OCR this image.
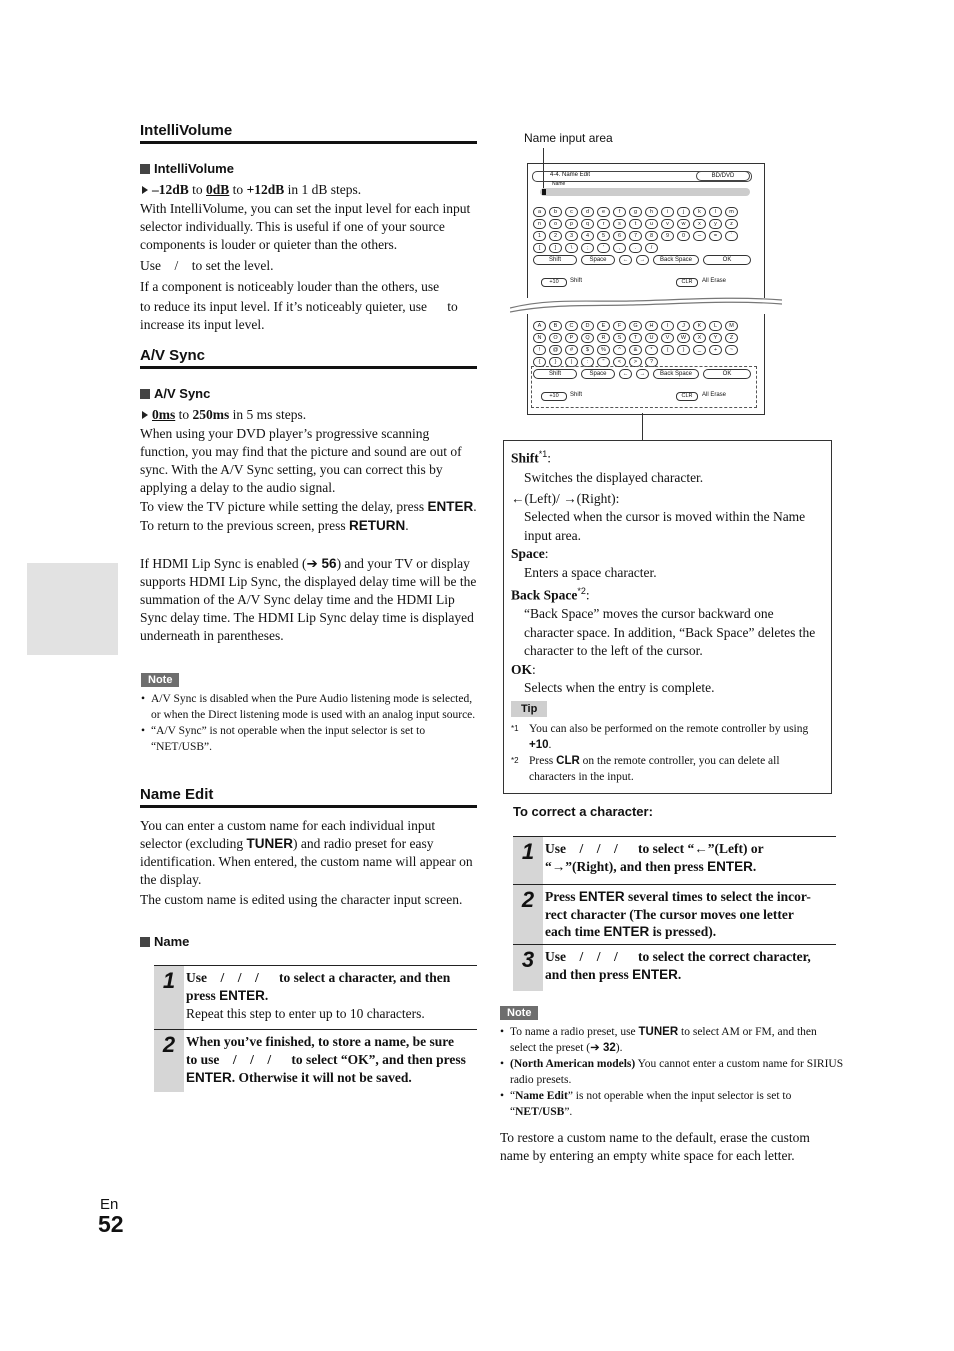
IntelliVolume
IntelliVolume

–12dB to 0dB to +12dB in 1 dB steps.

With IntelliVolume, you can set the input level for each input selector individually. This is useful if one of your source components is louder or quieter than the others.

Use    /    to set the level.

If a component is noticeably louder than the others, use

to reduce its input level. If it’s noticeably quieter, use      to

increase its input level.

A/V Sync
A/V Sync

0ms to 250ms in 5 ms steps.

When using your DVD player’s progressive scanning function, you may find that the picture and sound are out of sync. With the A/V Sync setting, you can correct this by applying a delay to the audio signal.

To view the TV picture while setting the delay, press ENTER.

To return to the previous screen, press RETURN.

If HDMI Lip Sync is enabled (➔ 56) and your TV or display supports HDMI Lip Sync, the displayed delay time will be the summation of the A/V Sync delay time and the HDMI Lip Sync delay time. The HDMI Lip Sync delay time is displayed underneath in parentheses.

Note
• A/V Sync is disabled when the Pure Audio listening mode is selected, or when the Direct listening mode is used with an analog input source.
• “A/V Sync” is not operable when the input selector is set to “NET/USB”.
Name Edit

You can enter a custom name for each individual input selector (excluding TUNER) and radio preset for easy identification. When entered, the custom name will appear on the display.

The custom name is edited using the character input screen.

Name
1 Use    /    /    /      to select a character, and then
press ENTER.
Repeat this step to enter up to 10 characters.
2 When you’ve finished, to store a name, be sure
to use    /    /    /      to select “OK”, and then press
ENTER. Otherwise it will not be saved.
Name input area
4-4. Name Edit	BD/DVD
Name
a	b	c	d	e	f	g	h	i	j	k	l	m
n	o	p	q	r	s	t	u	v	w	x	y	z
1	2	3	4	5	6	7	8	9	0	–	=	`
[	]	\	;	'	,	.	/
Shift	Space	←	→	Back Space	OK
+10	Shift	CLR	All Erase
A	B	C	D	E	F	G	H	I	J	K	L	M
N	O	P	Q	R	S	T	U	V	W	X	Y	Z
!	@	#	$	%	^	&	*	(	)	_	+	~
{	}	|	:	"	<	>	?
Shift	Space	←	→	Back Space	OK
+10	Shift	CLR	All Erase
Shift$^{*1}$:
Switches the displayed character.
←(Left)/ →(Right):
Selected when the cursor is moved within the Name input area.
Space:
Enters a space character.
Back Space$^{*2}$:
“Back Space” moves the cursor backward one character space. In addition, “Back Space” deletes the character to the left of the cursor.
OK:
Selects when the entry is complete.
Tip
*1 You can also be performed on the remote controller by using +10.
*2 Press CLR on the remote controller, you can delete all characters in the input.
To correct a character:
1 Use    /    /    /      to select “←”(Left) or
“→”(Right), and then press ENTER.
2 Press ENTER several times to select the incor-
rect character (The cursor moves one letter
each time ENTER is pressed).
3 Use    /    /    /      to select the correct character,
and then press ENTER.
Note
• To name a radio preset, use TUNER to select AM or FM, and then select the preset (➔ 32).
• (North American models) You cannot enter a custom name for SIRIUS radio presets.
• “Name Edit” is not operable when the input selector is set to “NET/USB”.

To restore a custom name to the default, erase the custom name by entering an empty white space for each letter.

En
52
